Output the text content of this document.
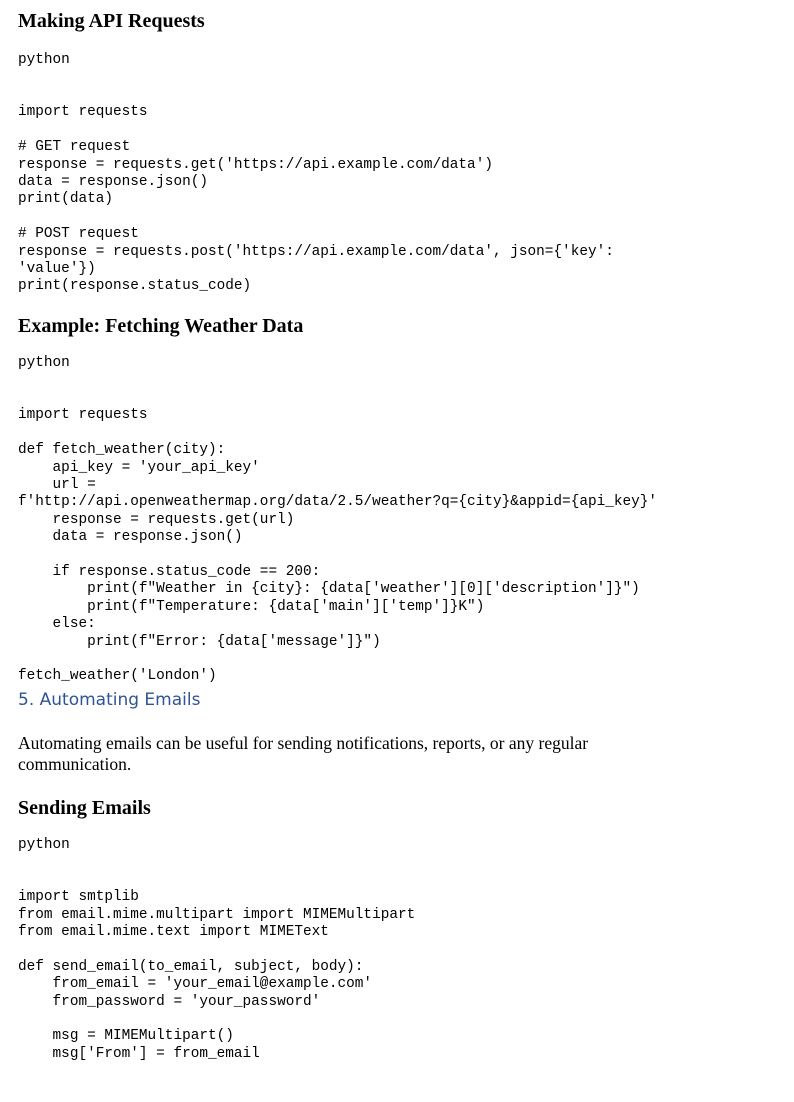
Making API Requests

python

import requests

# GET request
response = requests.get('https://api.example.com/data')
data = response.json()
print(data)

# POST request
response = requests.post('https://api.example.com/data', json={'key':
'value'})
print(response.status_code)
Example: Fetching Weather Data

python

import requests

def fetch_weather(city):
api_key = 'your_api_key'
url =
f'http://api.openweathermap.org/data/2.5/weather?q={city}&appid={api_key}'
response = requests.get(url)
data = response.json()

if response.status_code == 200:
print(f"Weather in {city}: {data['weather'][0]['description']}")
print(f"Temperature: {data['main']['temp']}K")
else:
print(f"Error: {data['message']}")

fetch_weather('London')
5. Automating Emails

Automating emails can be useful for sending notifications, reports, or any regular communication.

Sending Emails

python

import smtplib
from email.mime.multipart import MIMEMultipart
from email.mime.text import MIMEText

def send_email(to_email, subject, body):
from_email = 'your_email@example.com'
from_password = 'your_password'

msg = MIMEMultipart()
msg['From'] = from_email
